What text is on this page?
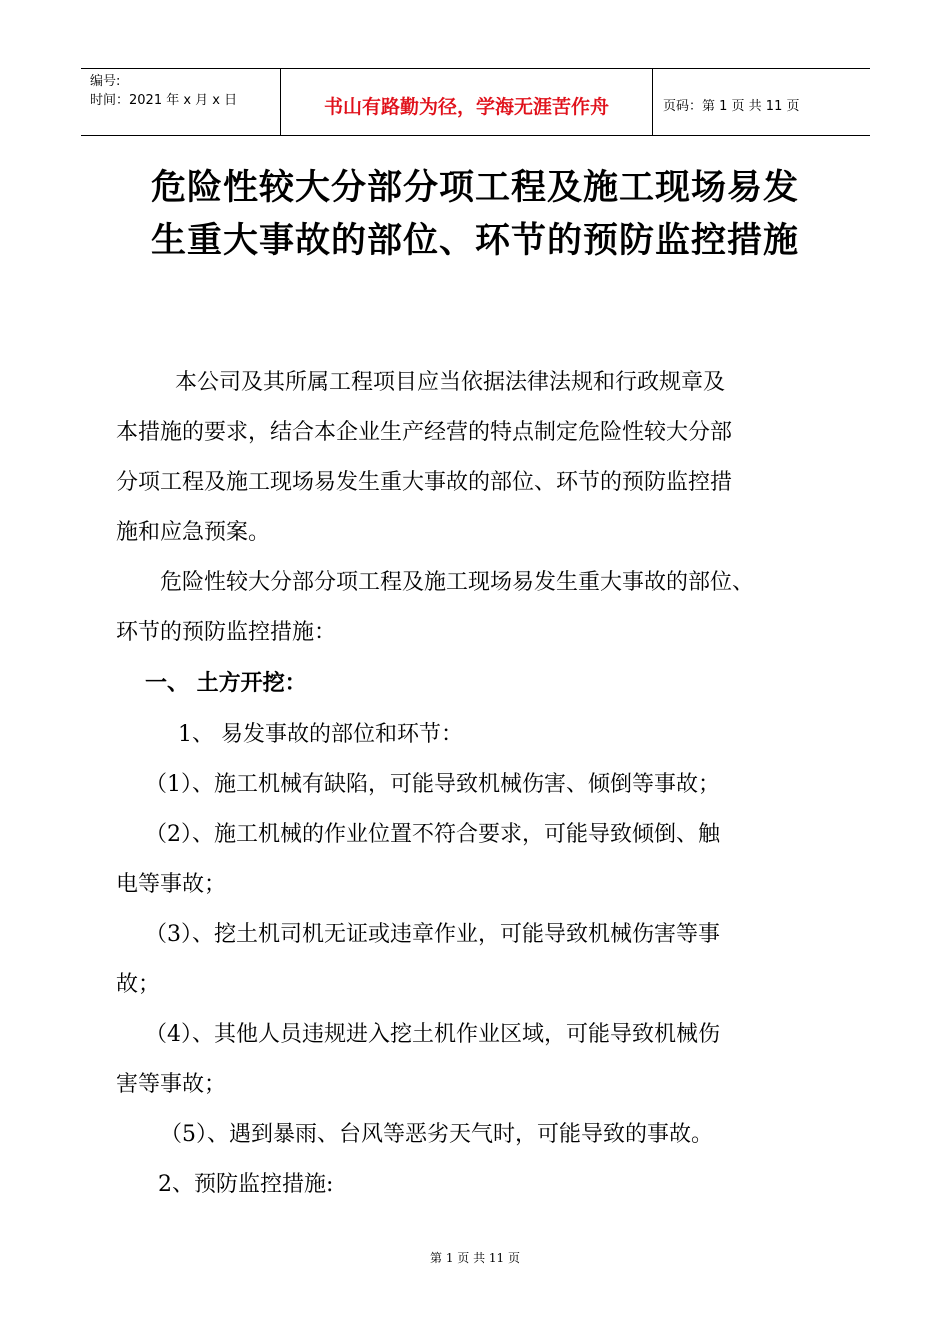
编号:
时间：2021 年 x 月 x 日	书山有路勤为径，学海无涯苦作舟	页码：第 1 页 共 11 页
危险性较大分部分项工程及施工现场易发
生重大事故的部位、环节的预防监控措施
本公司及其所属工程项目应当依据法律法规和行政规章及
本措施的要求，结合本企业生产经营的特点制定危险性较大分部
分项工程及施工现场易发生重大事故的部位、环节的预防监控措
施和应急预案。
危险性较大分部分项工程及施工现场易发生重大事故的部位、
环节的预防监控措施：
一、 土方开挖：
1、 易发事故的部位和环节：
（1）、施工机械有缺陷，可能导致机械伤害、倾倒等事故；
（2）、施工机械的作业位置不符合要求，可能导致倾倒、触
电等事故；
（3）、挖土机司机无证或违章作业，可能导致机械伤害等事
故；
（4）、其他人员违规进入挖土机作业区域，可能导致机械伤
害等事故；
（5）、遇到暴雨、台风等恶劣天气时，可能导致的事故。
2、预防监控措施:
第 1 页 共 11 页
